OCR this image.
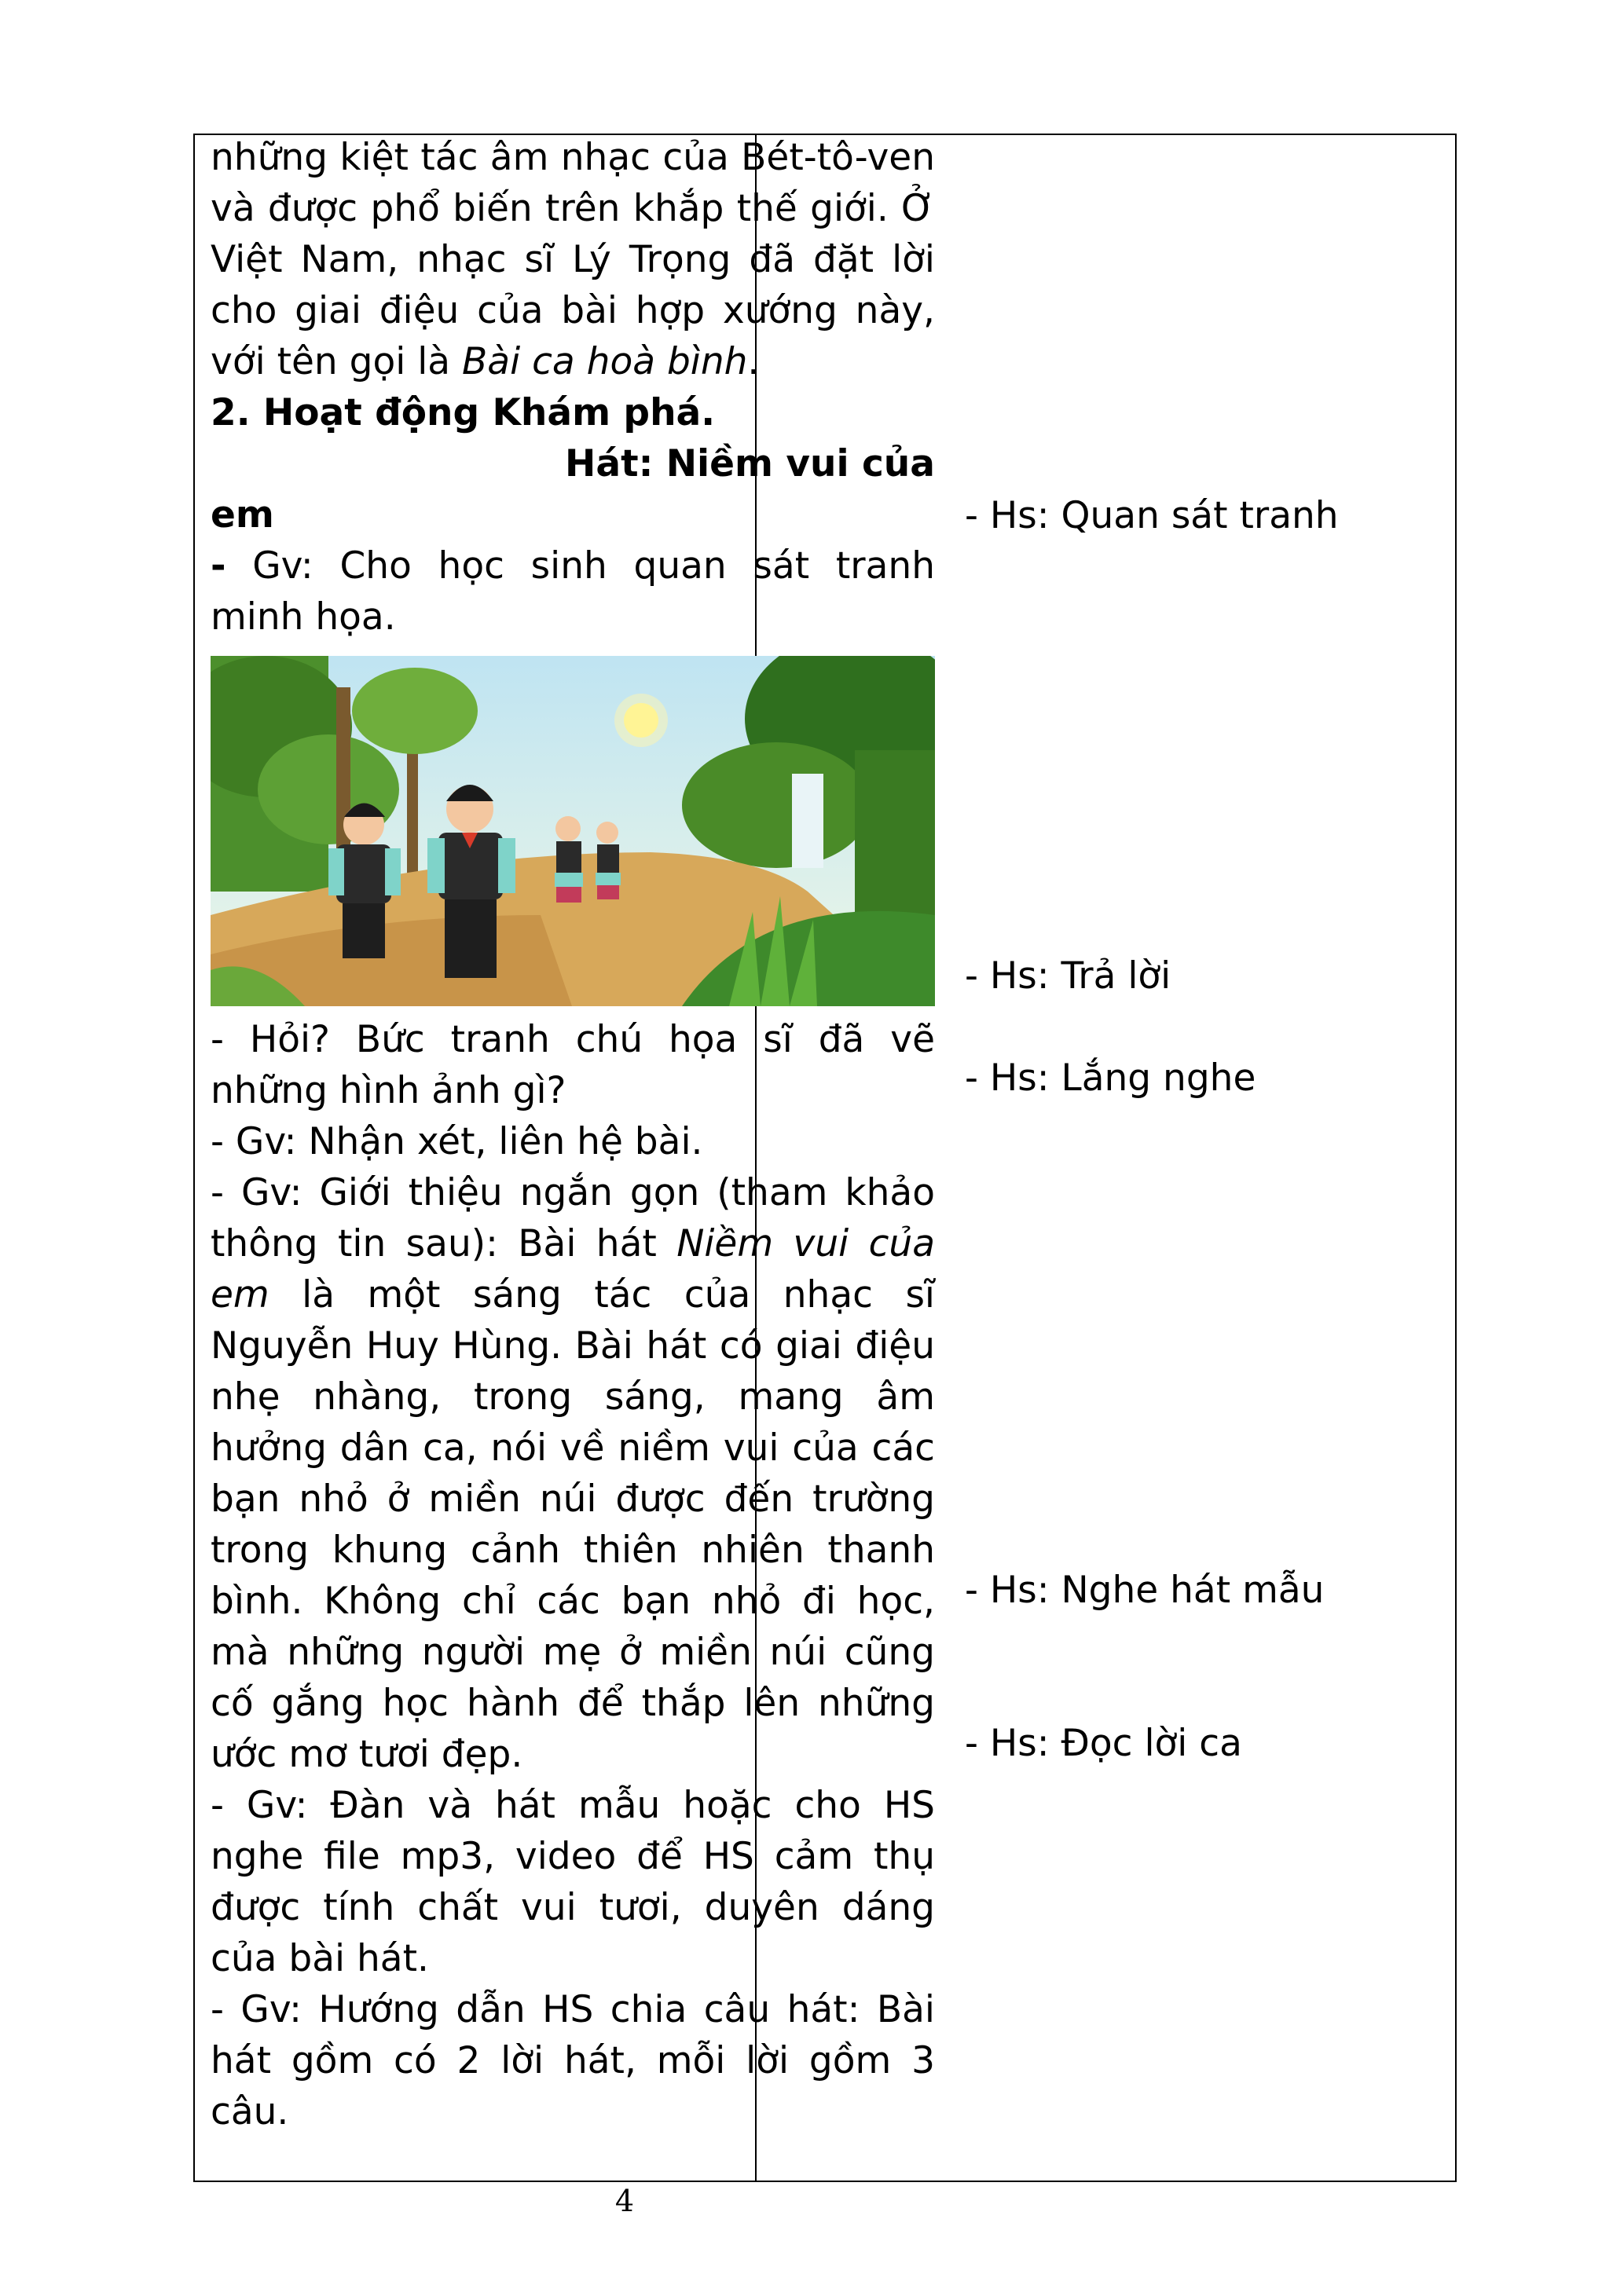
những kiệt tác âm nhạc của Bét-tô-ven và được phổ biến trên khắp thế giới. Ở Việt Nam, nhạc sĩ Lý Trọng đã đặt lời cho giai điệu của bài hợp xướng này, với tên gọi là Bài ca hoà bình.

2. Hoạt động Khám phá.

Hát: Niềm vui của

em

- Gv: Cho học sinh quan sát tranh minh họa.

- Hỏi? Bức tranh chú họa sĩ đã vẽ những hình ảnh gì?

- Gv: Nhận xét, liên hệ bài.

- Gv: Giới thiệu ngắn gọn (tham khảo thông tin sau): Bài hát Niềm vui của em là một sáng tác của nhạc sĩ Nguyễn Huy Hùng. Bài hát có giai điệu nhẹ nhàng, trong sáng, mang âm hưởng dân ca, nói về niềm vui của các bạn nhỏ ở miền núi được đến trường trong khung cảnh thiên nhiên thanh bình. Không chỉ các bạn nhỏ đi học, mà những người mẹ ở miền núi cũng cố gắng học hành để thắp lên những ước mơ tươi đẹp.

- Gv: Đàn và hát mẫu hoặc cho HS nghe file mp3, video để HS cảm thụ được tính chất vui tươi, duyên dáng của bài hát.

- Gv: Hướng dẫn HS chia câu hát: Bài hát gồm có 2 lời hát, mỗi lời gồm 3 câu.

- Hs: Quan sát tranh
- Hs: Trả lời
- Hs: Lắng nghe
- Hs: Nghe hát mẫu
- Hs: Đọc lời ca
4
